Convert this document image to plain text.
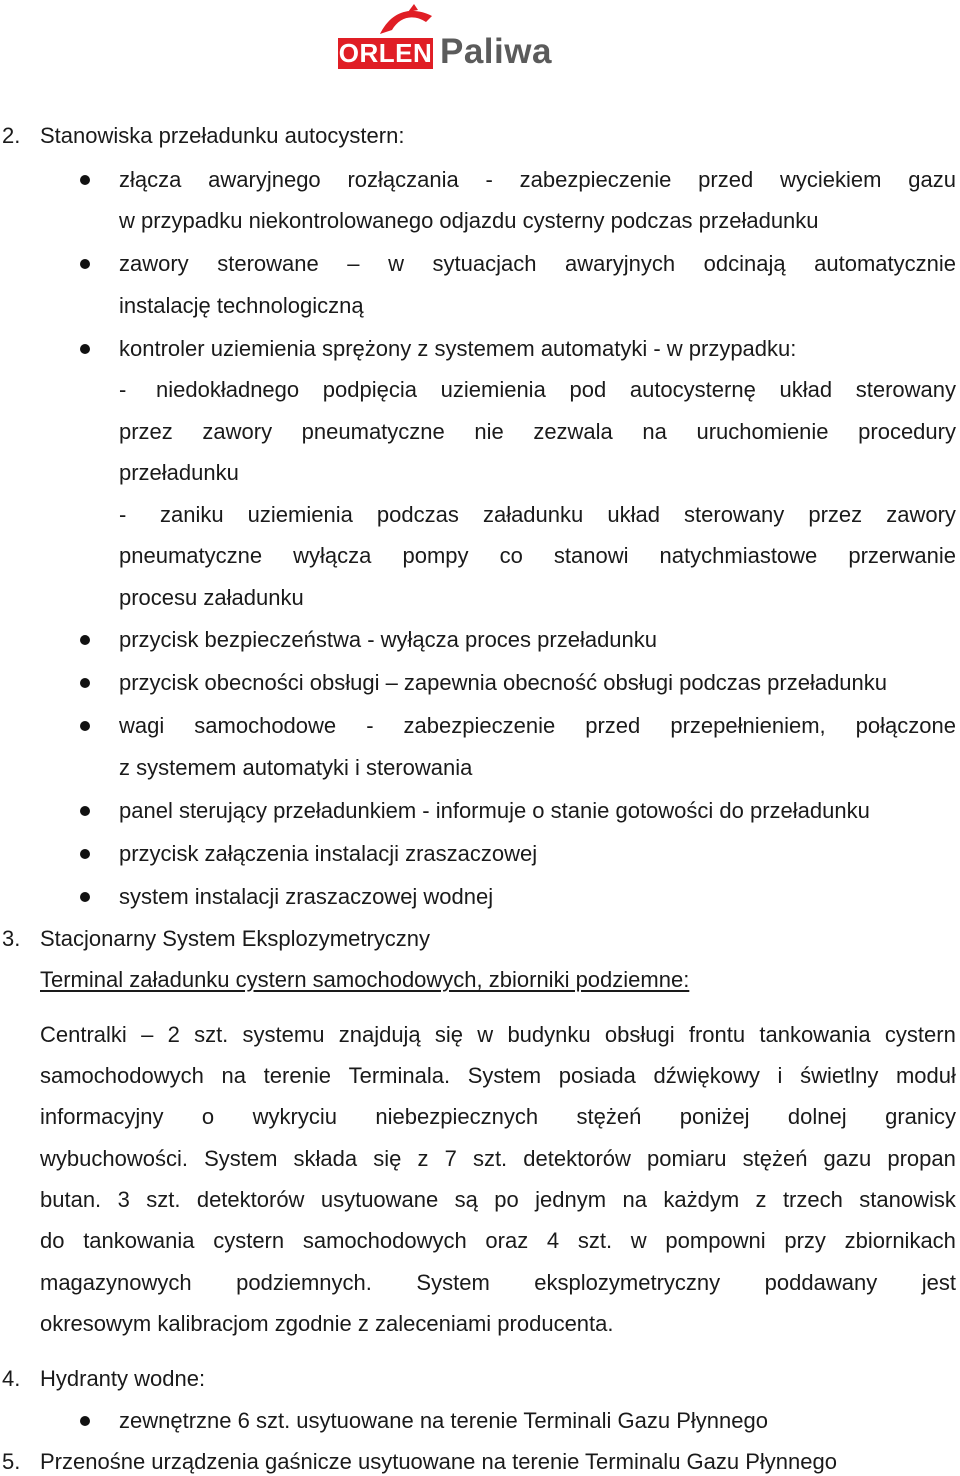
ORLEN Paliwa
2. Stanowiska przeładunku autocystern:
złącza awaryjnego rozłączania - zabezpieczenie przed wyciekiem gazu
w przypadku niekontrolowanego odjazdu cysterny podczas przeładunku
zawory sterowane – w sytuacjach awaryjnych odcinają automatycznie
instalację technologiczną
kontroler uziemienia sprężony z systemem automatyki - w przypadku:
- niedokładnego podpięcia uziemienia pod autocysternę układ sterowany
przez zawory pneumatyczne nie zezwala na uruchomienie procedury
przeładunku
- zaniku uziemienia podczas załadunku układ sterowany przez zawory
pneumatyczne wyłącza pompy co stanowi natychmiastowe przerwanie
procesu załadunku
przycisk bezpieczeństwa - wyłącza proces przeładunku
przycisk obecności obsługi – zapewnia obecność obsługi podczas przeładunku
wagi samochodowe - zabezpieczenie przed przepełnieniem, połączone
z systemem automatyki i sterowania
panel sterujący przeładunkiem - informuje o stanie gotowości do przeładunku
przycisk załączenia instalacji zraszaczowej
system instalacji zraszaczowej wodnej
3. Stacjonarny System Eksplozymetryczny
Terminal załadunku cystern samochodowych, zbiorniki podziemne:
Centralki – 2 szt. systemu znajdują się w budynku obsługi frontu tankowania cystern
samochodowych na terenie Terminala. System posiada dźwiękowy i świetlny moduł
informacyjny o wykryciu niebezpiecznych stężeń poniżej dolnej granicy
wybuchowości. System składa się z 7 szt. detektorów pomiaru stężeń gazu propan
butan. 3 szt. detektorów usytuowane są po jednym na każdym z trzech stanowisk
do tankowania cystern samochodowych oraz 4 szt. w pompowni przy zbiornikach
magazynowych podziemnych. System eksplozymetryczny poddawany jest
okresowym kalibracjom zgodnie z zaleceniami producenta.
4. Hydranty wodne:
zewnętrzne 6 szt. usytuowane na terenie Terminali Gazu Płynnego
5. Przenośne urządzenia gaśnicze usytuowane na terenie Terminalu Gazu Płynnego
